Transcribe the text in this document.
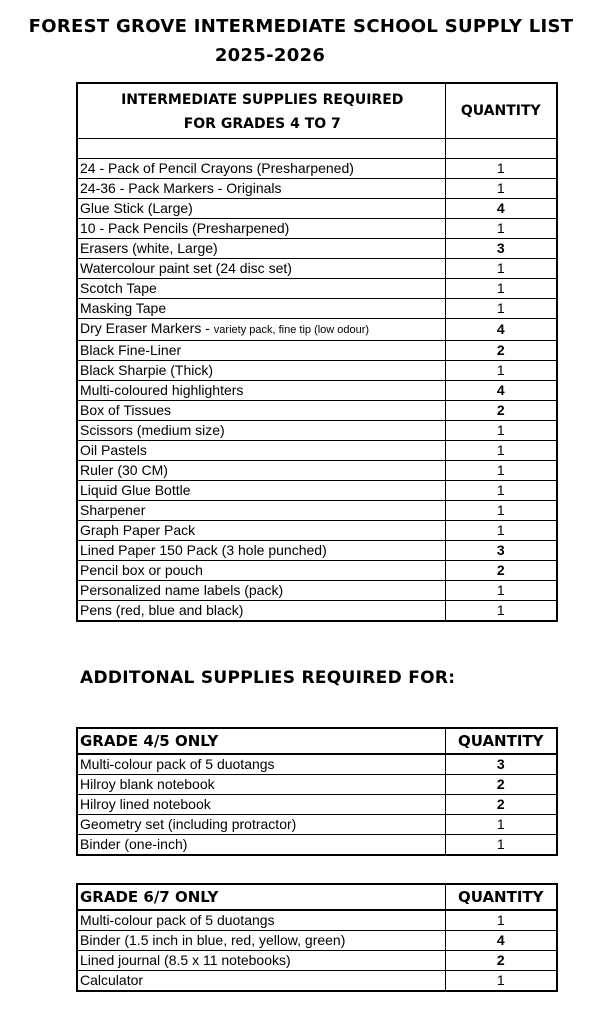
FOREST GROVE INTERMEDIATE SCHOOL SUPPLY LIST
2025-2026
INTERMEDIATE SUPPLIES REQUIRED
FOR GRADES 4 TO 7	QUANTITY

24 - Pack of Pencil Crayons (Presharpened)	1
24-36 - Pack Markers - Originals	1
Glue Stick (Large)	4
10 - Pack Pencils (Presharpened)	1
Erasers (white, Large)	3
Watercolour paint set (24 disc set)	1
Scotch Tape	1
Masking Tape	1
Dry Eraser Markers - variety pack, fine tip (low odour)	4
Black Fine-Liner	2
Black Sharpie (Thick)	1
Multi-coloured highlighters	4
Box of Tissues	2
Scissors (medium size)	1
Oil Pastels	1
Ruler (30 CM)	1
Liquid Glue Bottle	1
Sharpener	1
Graph Paper Pack	1
Lined Paper 150 Pack (3 hole punched)	3
Pencil box or pouch	2
Personalized name labels (pack)	1
Pens (red, blue and black)	1
ADDITONAL SUPPLIES REQUIRED FOR:
GRADE 4/5 ONLY	QUANTITY
Multi-colour pack of 5 duotangs	3
Hilroy blank notebook	2
Hilroy lined notebook	2
Geometry set (including protractor)	1
Binder (one-inch)	1
GRADE 6/7 ONLY	QUANTITY
Multi-colour pack of 5 duotangs	1
Binder (1.5 inch in blue, red, yellow, green)	4
Lined journal (8.5 x 11 notebooks)	2
Calculator	1
